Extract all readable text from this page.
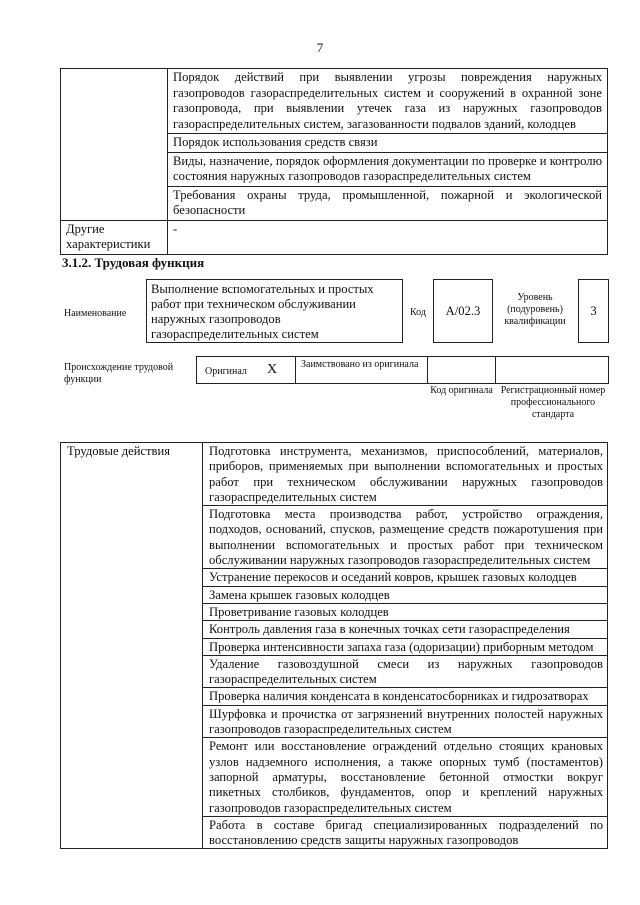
7
	Порядок действий при выявлении угрозы повреждения наружных газопроводов газораспределительных систем и сооружений в охранной зоне газопровода, при выявлении утечек газа из наружных газопроводов газораспределительных систем, загазованности подвалов зданий, колодцев
	Порядок использования средств связи
	Виды, назначение, порядок оформления документации по проверке и контролю состояния наружных газопроводов газораспределительных систем
	Требования охраны труда, промышленной, пожарной и экологической безопасности
Другие характеристики	-
3.1.2. Трудовая функция
Наименование
Выполнение вспомогательных и простых работ при техническом обслуживании наружных газопроводов газораспределительных систем
Код	А/02.3
Уровень (подуровень) квалификации
3
Происхождение трудовой функции
Оригинал X Заимствовано из оригинала
Код оригинала Регистрационный номер профессионального стандарта
Трудовые действия	Подготовка инструмента, механизмов, приспособлений, материалов, приборов, применяемых при выполнении вспомогательных и простых работ при техническом обслуживании наружных газопроводов газораспределительных систем
	Подготовка места производства работ, устройство ограждения, подходов, оснований, спусков, размещение средств пожаротушения при выполнении вспомогательных и простых работ при техническом обслуживании наружных газопроводов газораспределительных систем
	Устранение перекосов и оседаний ковров, крышек газовых колодцев
	Замена крышек газовых колодцев
	Проветривание газовых колодцев
	Контроль давления газа в конечных точках сети газораспределения
	Проверка интенсивности запаха газа (одоризации) приборным методом
	Удаление газовоздушной смеси из наружных газопроводов газораспределительных систем
	Проверка наличия конденсата в конденсатосборниках и гидрозатворах
	Шурфовка и прочистка от загрязнений внутренних полостей наружных газопроводов газораспределительных систем
	Ремонт или восстановление ограждений отдельно стоящих крановых узлов надземного исполнения, а также опорных тумб (постаментов) запорной арматуры, восстановление бетонной отмостки вокруг пикетных столбиков, фундаментов, опор и креплений наружных газопроводов газораспределительных систем
	Работа в составе бригад специализированных подразделений по восстановлению средств защиты наружных газопроводов
